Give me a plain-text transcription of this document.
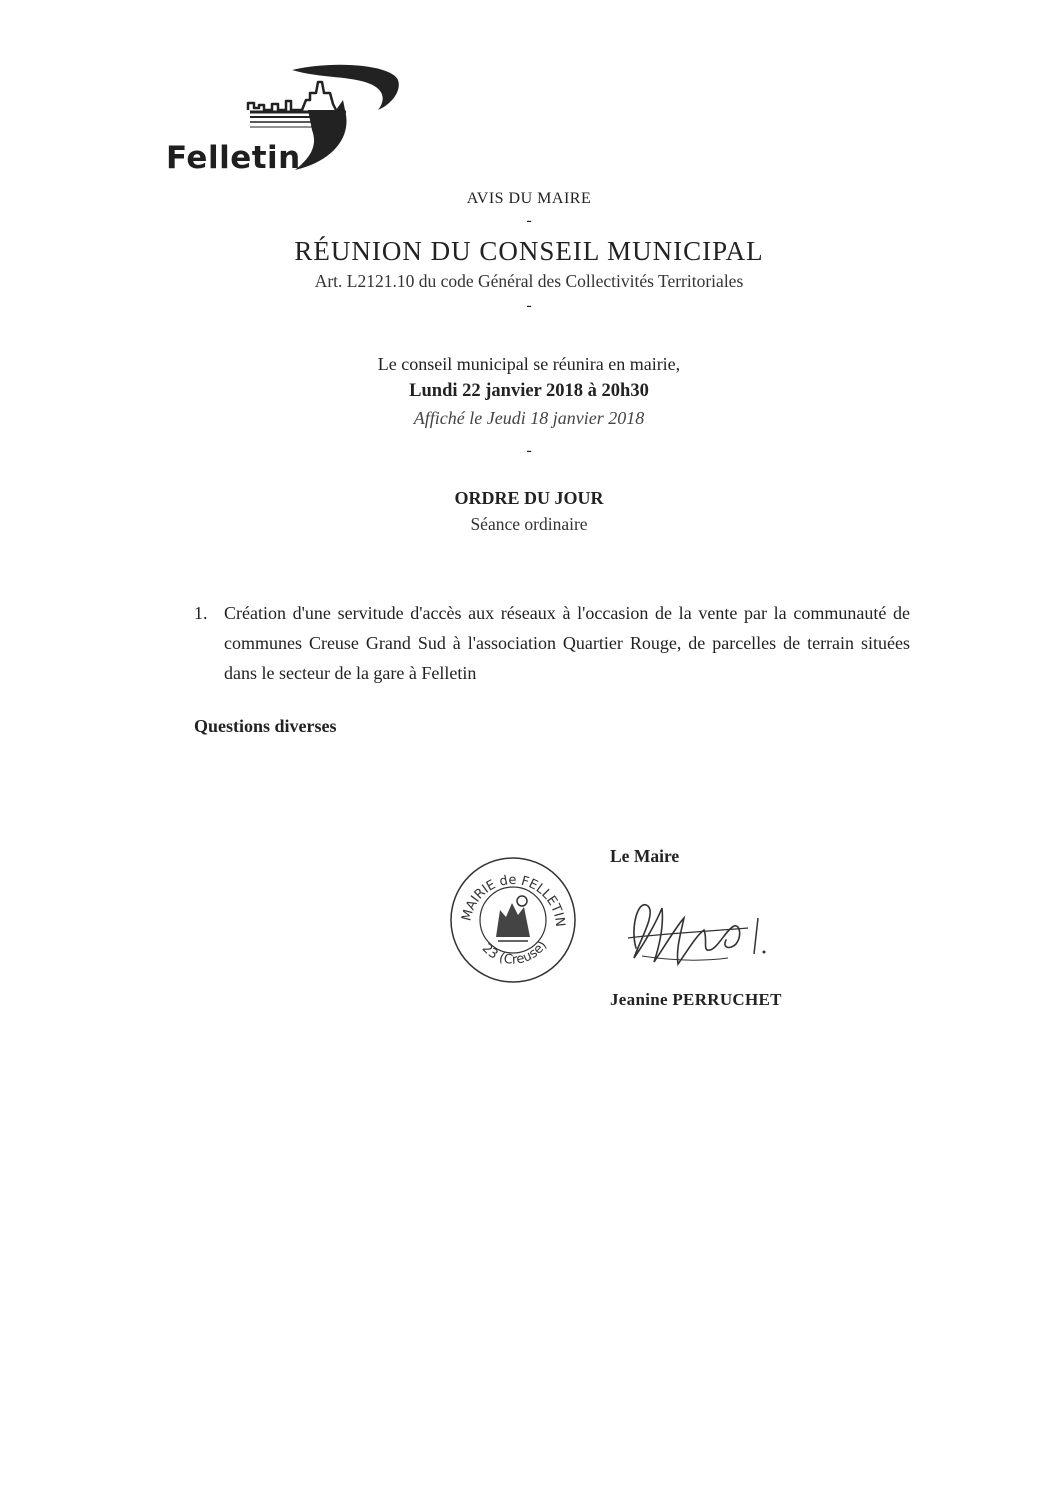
Felletin
AVIS DU MAIRE
-
RÉUNION DU CONSEIL MUNICIPAL
Art. L2121.10 du code Général des Collectivités Territoriales
-
Le conseil municipal se réunira en mairie,
Lundi 22 janvier 2018 à 20h30
Affiché le Jeudi 18 janvier 2018
-
ORDRE DU JOUR
Séance ordinaire
1. Création d'une servitude d'accès aux réseaux à l'occasion de la vente par la communauté de communes Creuse Grand Sud à l'association Quartier Rouge, de parcelles de terrain situées dans le secteur de la gare à Felletin
Questions diverses
Le Maire
MAIRIE de FELLETIN
23 (Creuse)
Jeanine PERRUCHET
